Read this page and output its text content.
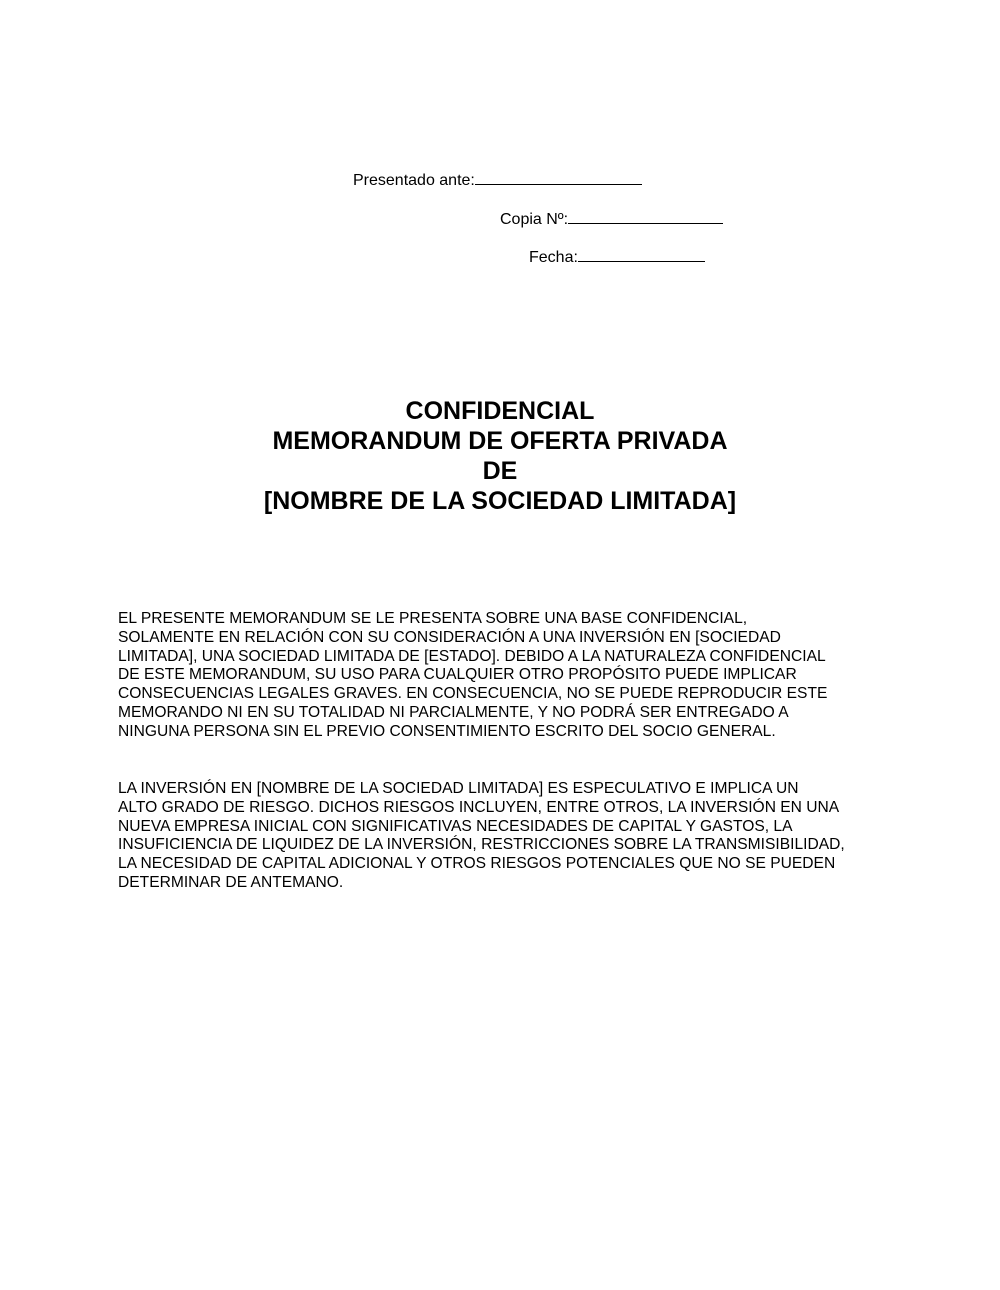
Presentado ante:
Copia Nº:
Fecha:
CONFIDENCIAL
MEMORANDUM DE OFERTA PRIVADA
DE
[NOMBRE DE LA SOCIEDAD LIMITADA]
EL PRESENTE MEMORANDUM SE LE PRESENTA SOBRE UNA BASE CONFIDENCIAL,
SOLAMENTE EN RELACIÓN CON SU CONSIDERACIÓN A UNA INVERSIÓN EN [SOCIEDAD
LIMITADA], UNA SOCIEDAD LIMITADA DE [ESTADO]. DEBIDO A LA NATURALEZA CONFIDENCIAL
DE ESTE MEMORANDUM, SU USO PARA CUALQUIER OTRO PROPÓSITO PUEDE IMPLICAR
CONSECUENCIAS LEGALES GRAVES. EN CONSECUENCIA, NO SE PUEDE REPRODUCIR ESTE
MEMORANDO NI EN SU TOTALIDAD NI PARCIALMENTE, Y NO PODRÁ SER ENTREGADO A
NINGUNA PERSONA SIN EL PREVIO CONSENTIMIENTO ESCRITO DEL SOCIO GENERAL.
LA INVERSIÓN EN [NOMBRE DE LA SOCIEDAD LIMITADA] ES ESPECULATIVO E IMPLICA UN
ALTO GRADO DE RIESGO. DICHOS RIESGOS INCLUYEN, ENTRE OTROS, LA INVERSIÓN EN UNA
NUEVA EMPRESA INICIAL CON SIGNIFICATIVAS NECESIDADES DE CAPITAL Y GASTOS, LA
INSUFICIENCIA DE LIQUIDEZ DE LA INVERSIÓN, RESTRICCIONES SOBRE LA TRANSMISIBILIDAD,
LA NECESIDAD DE CAPITAL ADICIONAL Y OTROS RIESGOS POTENCIALES QUE NO SE PUEDEN
DETERMINAR DE ANTEMANO.
